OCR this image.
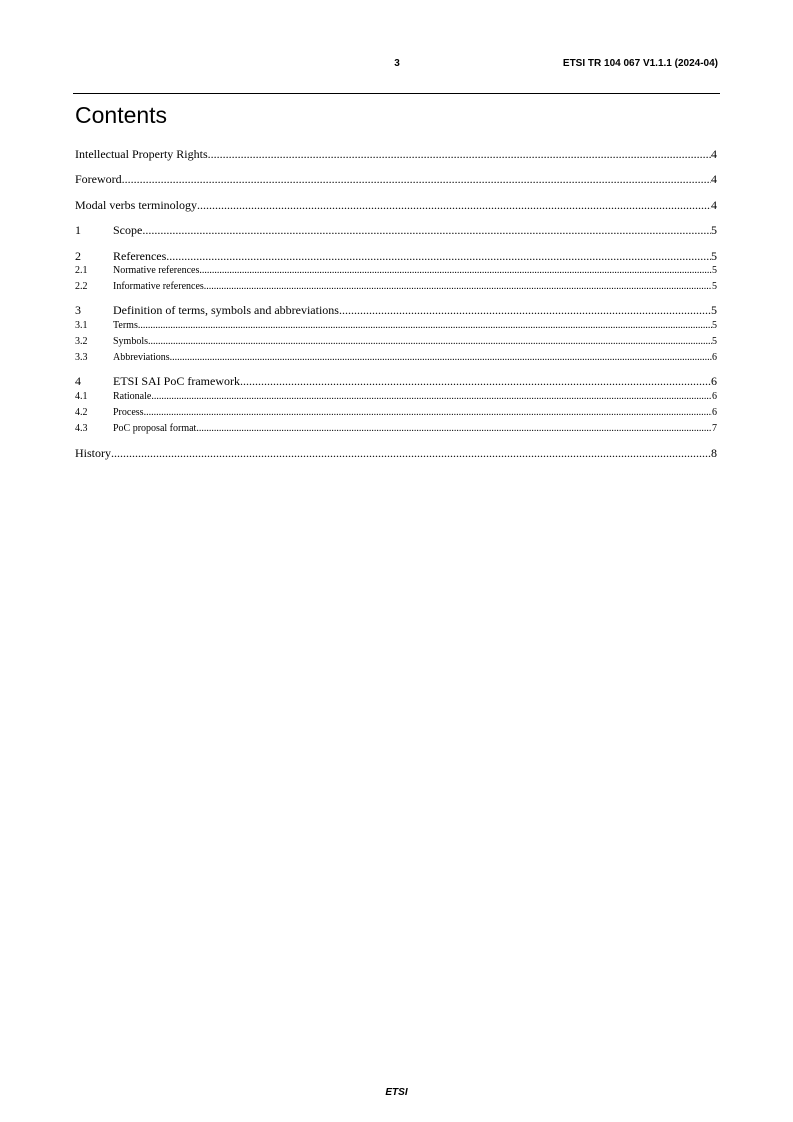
3	ETSI TR 104 067 V1.1.1 (2024-04)
Contents
Intellectual Property Rights .....	4
Foreword .....	4
Modal verbs terminology .....	4
1	Scope .....	5
2	References .....	5
2.1	Normative references .....	5
2.2	Informative references .....	5
3	Definition of terms, symbols and abbreviations .....	5
3.1	Terms .....	5
3.2	Symbols .....	5
3.3	Abbreviations .....	6
4	ETSI SAI PoC framework .....	6
4.1	Rationale .....	6
4.2	Process .....	6
4.3	PoC proposal format .....	7
History .....	8
ETSI
